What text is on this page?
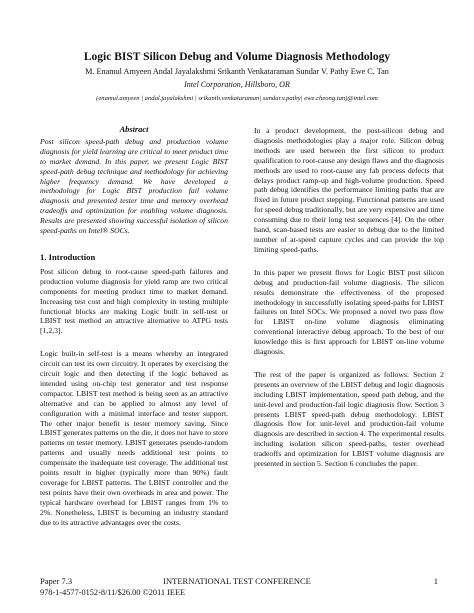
Logic BIST Silicon Debug and Volume Diagnosis Methodology
M. Enamul Amyeen Andal Jayalakshmi Srikanth Venkataraman Sundar V. Pathy Ewe C. Tan
Intel Corporation, Hillsboro, OR
(enamul.amyeen | andal.jayalakshmi | srikanth.venkataraman| sundar.v.pathy| ewe.cheong.tan)@intel.com
Abstract
Post silicon speed-path debug and production volume diagnosis for yield learning are critical to meet product time to market demand. In this paper, we present Logic BIST speed-path debug technique and methodology for achieving higher frequency demand. We have developed a methodology for Logic BIST production fail volume diagnosis and presented tester time and memory overhead tradeoffs and optimization for enabling volume diagnosis. Results are presented showing successful isolation of silicon speed-paths on Intel® SOCs.
1. Introduction

Post silicon debug to root-cause speed-path failures and production volume diagnosis for yield ramp are two critical components for meeting product time to market demand. Increasing test cost and high complexity in testing multiple functional blocks are making Logic built in self-test or LBIST test method an attractive alternative to ATPG tests [1,2,3].

Logic built-in self-test is a means whereby an integrated circuit can test its own circuitry. It operates by exercising the circuit logic and then detecting if the logic behaved as intended using on-chip test generator and test response compactor. LBIST test method is being seen as an attractive alternative and can be applied to almost any level of configuration with a minimal interface and tester support. The other major benefit is tester memory saving. Since LBIST generates patterns on the die, it does not have to store patterns on tester memory. LBIST generates pseudo-random patterns and usually needs additional test points to compensate the inadequate test coverage. The additional test points result in higher (typically more than 90%) fault coverage for LBIST patterns. The LBIST controller and the test points have their own overheads in area and power. The typical hardware overhead for LBIST ranges from 1% to 2%. Nonetheless, LBIST is becoming an industry standard due to its attractive advantages over the costs.

In a product development, the post-silicon debug and diagnosis methodologies play a major role. Silicon debug methods are used between the first silicon to product qualification to root-cause any design flaws and the diagnosis methods are used to root-cause any fab process defects that delays product ramp-up and high-volume production. Speed path debug identifies the performance limiting paths that are fixed in future product stepping. Functional patterns are used for speed debug traditionally, but are very expensive and time consuming due to their long test sequences [4]. On the other hand, scan-based tests are easier to debug due to the limited number of at-speed capture cycles and can provide the top limiting speed-paths.

In this paper we present flows for Logic BIST post silicon debug and production-fail volume diagnosis. The silicon results demonstrate the effectiveness of the proposed methodology in successfully isolating speed-paths for LBIST failures on Intel SOCs. We proposed a novel two pass flow for LBIST on-line volume diagnosis eliminating conventional interactive debug approach. To the best of our knowledge this is first approach for LBIST on-line volume diagnosis.

The rest of the paper is organized as follows: Section 2 presents an overview of the LBIST debug and logic diagnosis including LBIST implementation, speed path debug, and the unit-level and production-fail logic diagnosis flow. Section 3 presents LBIST speed-path debug methodology. LBIST diagnosis flow for unit-level and production-fail volume diagnosis are described in section 4. The experimental results including isolation silicon speed-paths, tester overhead tradeoffs and optimization for LBIST volume diagnosis are presented in section 5. Section 6 concludes the paper.

INTERNATIONAL TEST CONFERENCE
Paper 7.3	1
978-1-4577-0152-8/11/$26.00 ©2011 IEEE
